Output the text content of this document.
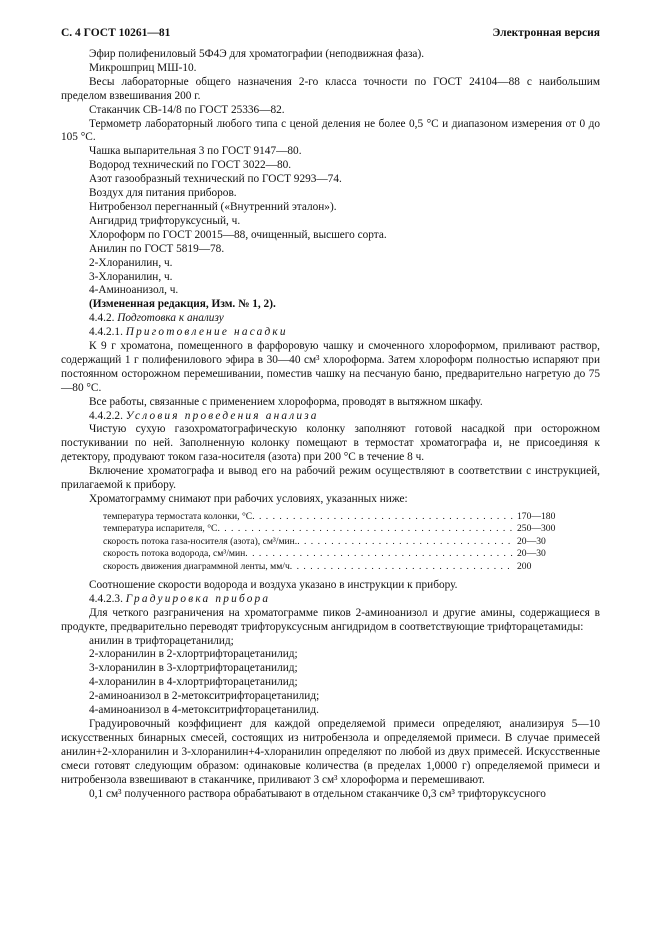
С. 4 ГОСТ 10261—81	Электронная версия

Эфир полифениловый 5Ф4Э для хроматографии (неподвижная фаза).

Микрошприц МШ-10.

Весы лабораторные общего назначения 2-го класса точности по ГОСТ 24104—88 с наибольшим пределом взвешивания 200 г.

Стаканчик СВ-14/8 по ГОСТ 25336—82.

Термометр лабораторный любого типа с ценой деления не более 0,5 °С и диапазоном измерения от 0 до 105 °С.

Чашка выпарительная 3 по ГОСТ 9147—80.

Водород технический по ГОСТ 3022—80.

Азот газообразный технический по ГОСТ 9293—74.

Воздух для питания приборов.

Нитробензол перегнанный («Внутренний эталон»).

Ангидрид трифторуксусный, ч.

Хлороформ по ГОСТ 20015—88, очищенный, высшего сорта.

Анилин по ГОСТ 5819—78.

2-Хлоранилин, ч.

3-Хлоранилин, ч.

4-Аминоанизол, ч.

(Измененная редакция, Изм. № 1, 2).

4.4.2. Подготовка к анализу

4.4.2.1. Приготовление насадки

К 9 г хроматона, помещенного в фарфоровую чашку и смоченного хлороформом, приливают раствор, содержащий 1 г полифенилового эфира в 30—40 см³ хлороформа. Затем хлороформ полностью испаряют при постоянном осторожном перемешивании, поместив чашку на песчаную баню, предварительно нагретую до 75—80 °С.

Все работы, связанные с применением хлороформа, проводят в вытяжном шкафу.

4.4.2.2. Условия проведения анализа

Чистую сухую газохроматографическую колонку заполняют готовой насадкой при осторожном постукивании по ней. Заполненную колонку помещают в термостат хроматографа и, не присоединяя к детектору, продувают током газа-носителя (азота) при 200 °С в течение 8 ч.

Включение хроматографа и вывод его на рабочий режим осуществляют в соответствии с инструкцией, прилагаемой к прибору.

Хроматограмму снимают при рабочих условиях, указанных ниже:

температура термостата колонки, °С . . .	170—180
температура испарителя, °С . . .	250—300
скорость потока газа-носителя (азота), см³/мин. . . .	20—30
скорость потока водорода, см³/мин . . .	20—30
скорость движения диаграммной ленты, мм/ч . . .	200

Соотношение скорости водорода и воздуха указано в инструкции к прибору.

4.4.2.3. Градуировка прибора

Для четкого разграничения на хроматограмме пиков 2-аминоанизол и другие амины, содержащиеся в продукте, предварительно переводят трифторуксусным ангидридом в соответствующие трифторацетамиды:

анилин в трифторацетанилид;

2-хлоранилин в 2-хлортрифторацетанилид;

3-хлоранилин в 3-хлортрифторацетанилид;

4-хлоранилин в 4-хлортрифторацетанилид;

2-аминоанизол в 2-метокситрифторацетанилид;

4-аминоанизол в 4-метокситрифторацетанилид.

Градуировочный коэффициент для каждой определяемой примеси определяют, анализируя 5—10 искусственных бинарных смесей, состоящих из нитробензола и определяемой примеси. В случае примесей анилин+2-хлоранилин и 3-хлоранилин+4-хлоранилин определяют по любой из двух примесей. Искусственные смеси готовят следующим образом: одинаковые количества (в пределах 1,0000 г) определяемой примеси и нитробензола взвешивают в стаканчике, приливают 3 см³ хлороформа и перемешивают.

0,1 см³ полученного раствора обрабатывают в отдельном стаканчике 0,3 см³ трифторуксусного
